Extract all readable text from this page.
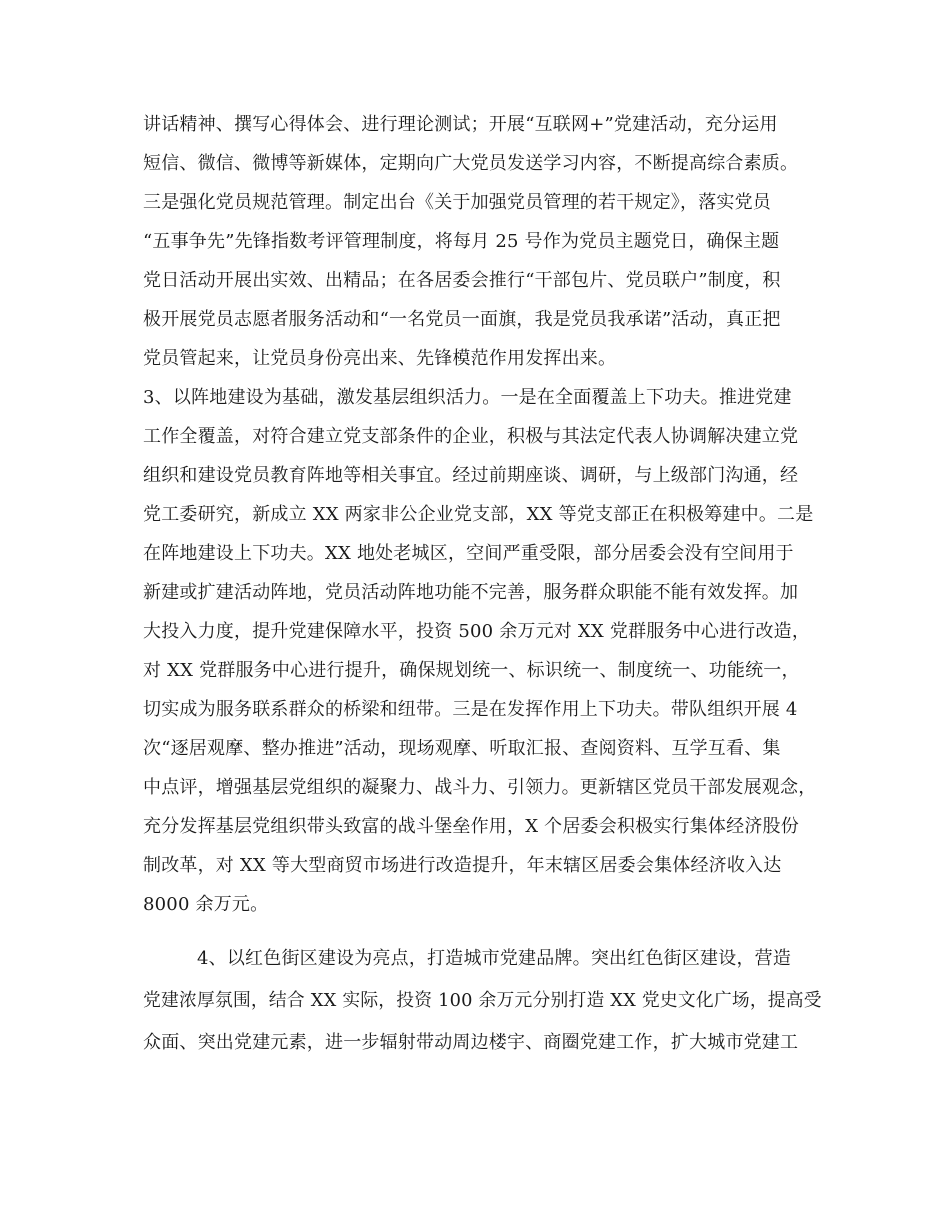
讲话精神、撰写心得体会、进行理论测试；开展“互联网+”党建活动，充分运用
短信、微信、微博等新媒体，定期向广大党员发送学习内容，不断提高综合素质。
三是强化党员规范管理。制定出台《关于加强党员管理的若干规定》，落实党员
“五事争先”先锋指数考评管理制度，将每月 25 号作为党员主题党日，确保主题
党日活动开展出实效、出精品；在各居委会推行“干部包片、党员联户”制度，积
极开展党员志愿者服务活动和“一名党员一面旗，我是党员我承诺”活动，真正把
党员管起来，让党员身份亮出来、先锋模范作用发挥出来。
3、以阵地建设为基础，激发基层组织活力。一是在全面覆盖上下功夫。推进党建
工作全覆盖，对符合建立党支部条件的企业，积极与其法定代表人协调解决建立党
组织和建设党员教育阵地等相关事宜。经过前期座谈、调研，与上级部门沟通，经
党工委研究，新成立 XX 两家非公企业党支部，XX 等党支部正在积极筹建中。二是
在阵地建设上下功夫。XX 地处老城区，空间严重受限，部分居委会没有空间用于
新建或扩建活动阵地，党员活动阵地功能不完善，服务群众职能不能有效发挥。加
大投入力度，提升党建保障水平，投资 500 余万元对 XX 党群服务中心进行改造，
对 XX 党群服务中心进行提升，确保规划统一、标识统一、制度统一、功能统一，
切实成为服务联系群众的桥梁和纽带。三是在发挥作用上下功夫。带队组织开展 4
次“逐居观摩、整办推进”活动，现场观摩、听取汇报、查阅资料、互学互看、集
中点评，增强基层党组织的凝聚力、战斗力、引领力。更新辖区党员干部发展观念，
充分发挥基层党组织带头致富的战斗堡垒作用，X 个居委会积极实行集体经济股份
制改革，对 XX 等大型商贸市场进行改造提升，年末辖区居委会集体经济收入达
8000 余万元。
4、以红色街区建设为亮点，打造城市党建品牌。突出红色街区建设，营造
党建浓厚氛围，结合 XX 实际，投资 100 余万元分别打造 XX 党史文化广场，提高受
众面、突出党建元素，进一步辐射带动周边楼宇、商圈党建工作，扩大城市党建工
